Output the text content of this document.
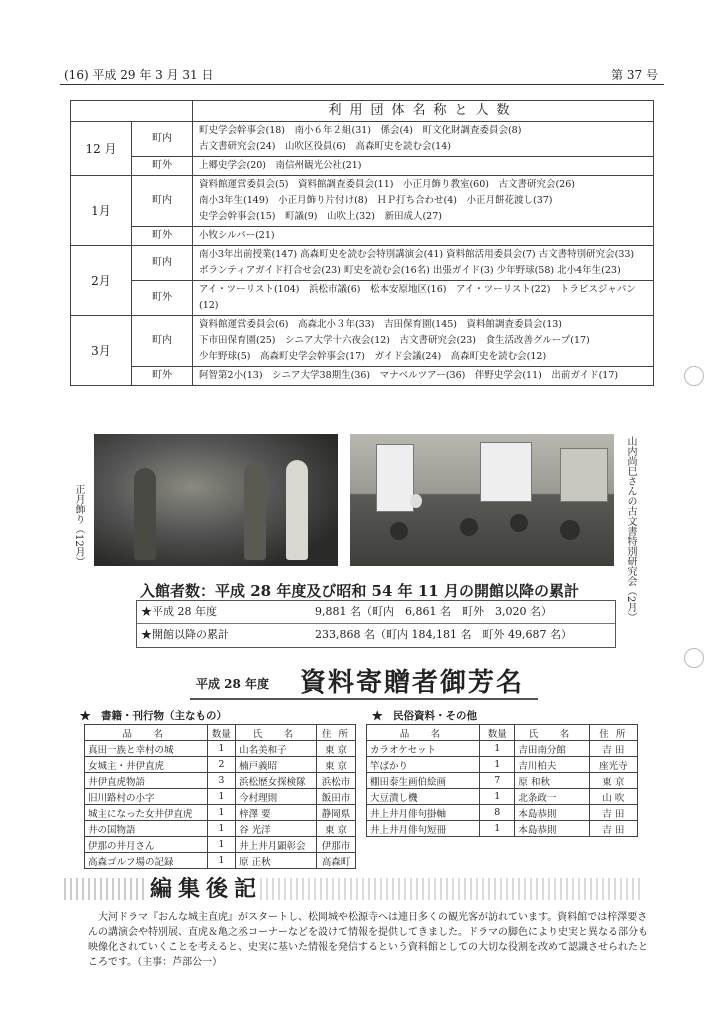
(16) 平成 29 年 3 月 31 日	第 37 号
		利用団体名称と人数
12 月	町内	町史学会幹事会(18)　南小６年２組(31)　係会(4)　町文化財調査委員会(8)
古文書研究会(24)　山吹区役員(6)　高森町史を読む会(14)
	町外	上郷史学会(20)　南信州観光公社(21)
1月	町内	資料館運営委員会(5)　資料館調査委員会(11)　小正月飾り教室(60)　古文書研究会(26)
南小3年生(149)　小正月飾り片付け(8)　ＨＰ打ち合わせ(4)　小正月餅花渡し(37)
史学会幹事会(15)　町議(9)　山吹上(32)　新田成人(27)
	町外	小牧シルバー(21)
2月	町内	南小3年出前授業(147) 高森町史を読む会特別講演会(41) 資料館活用委員会(7) 古文書特別研究会(33)
ボランティアガイド打合せ会(23) 町史を読む会(16名) 出張ガイド(3) 少年野球(58) 北小4年生(23)
	町外	アイ・ツーリスト(104)　浜松市議(6)　松本安原地区(16)　アイ・ツーリスト(22)　トラビスジャパン(12)
3月	町内	資料館運営委員会(6)　高森北小３年(33)　吉田保育園(145)　資料館調査委員会(13)
下市田保育園(25)　シニア大学十六夜会(12)　古文書研究会(23)　食生活改善グループ(17)
少年野球(5)　高森町史学会幹事会(17)　ガイド会議(24)　高森町史を読む会(12)
	町外	阿智第2小(13)　シニア大学38期生(36)　マナベルツアー(36)　伴野史学会(11)　出前ガイド(17)
正月飾り（12月）	山内尚巳さんの古文書特別研究会（2月）
入館者数：平成 28 年度及び昭和 54 年 11 月の開館以降の累計
★平成 28 年度	9,881 名（町内　6,861 名　町外　3,020 名）
★開館以降の累計	233,868 名（町内 184,181 名　町外 49,687 名）
平成 28 年度 資料寄贈者御芳名
★　書籍・刊行物（主なもの）	★　民俗資料・その他
品　名	数量	氏　名	住 所
真田一族と幸村の城	1	山名美和子	東 京
女城主・井伊直虎	2	楠戸義昭	東 京
井伊直虎物語	3	浜松歴女探検隊	浜松市
旧川路村の小字	1	今村理則	飯田市
城主になった女井伊直虎	1	梓澤 要	静岡県
井の国物語	1	谷 光洋	東 京
伊那の井月さん	1	井上井月顕彰会	伊那市
高森ゴルフ場の記録	1	原 正秋	高森町
品　名	数量	氏　名	住 所
カラオケセット	1	吉田南分館	吉 田
竿ばかり	1	吉川柏夫	座光寺
棚田泰生画伯絵画	7	原 和秋	東 京
大豆潰し機	1	北条政一	山 吹
井上井月俳句掛軸	8	本島恭則	吉 田
井上井月俳句短冊	1	本島恭則	吉 田
編集後記
大河ドラマ『おんな城主直虎』がスタートし、松岡城や松源寺へは連日多くの観光客が訪れています。資料館では梓澤要さんの講演会や特別展、直虎＆亀之丞コーナーなどを設けて情報を提供してきました。ドラマの脚色により史実と異なる部分も映像化されていくことを考えると、史実に基いた情報を発信するという資料館としての大切な役割を改めて認識させられたところです。（主事：芦部公一）
